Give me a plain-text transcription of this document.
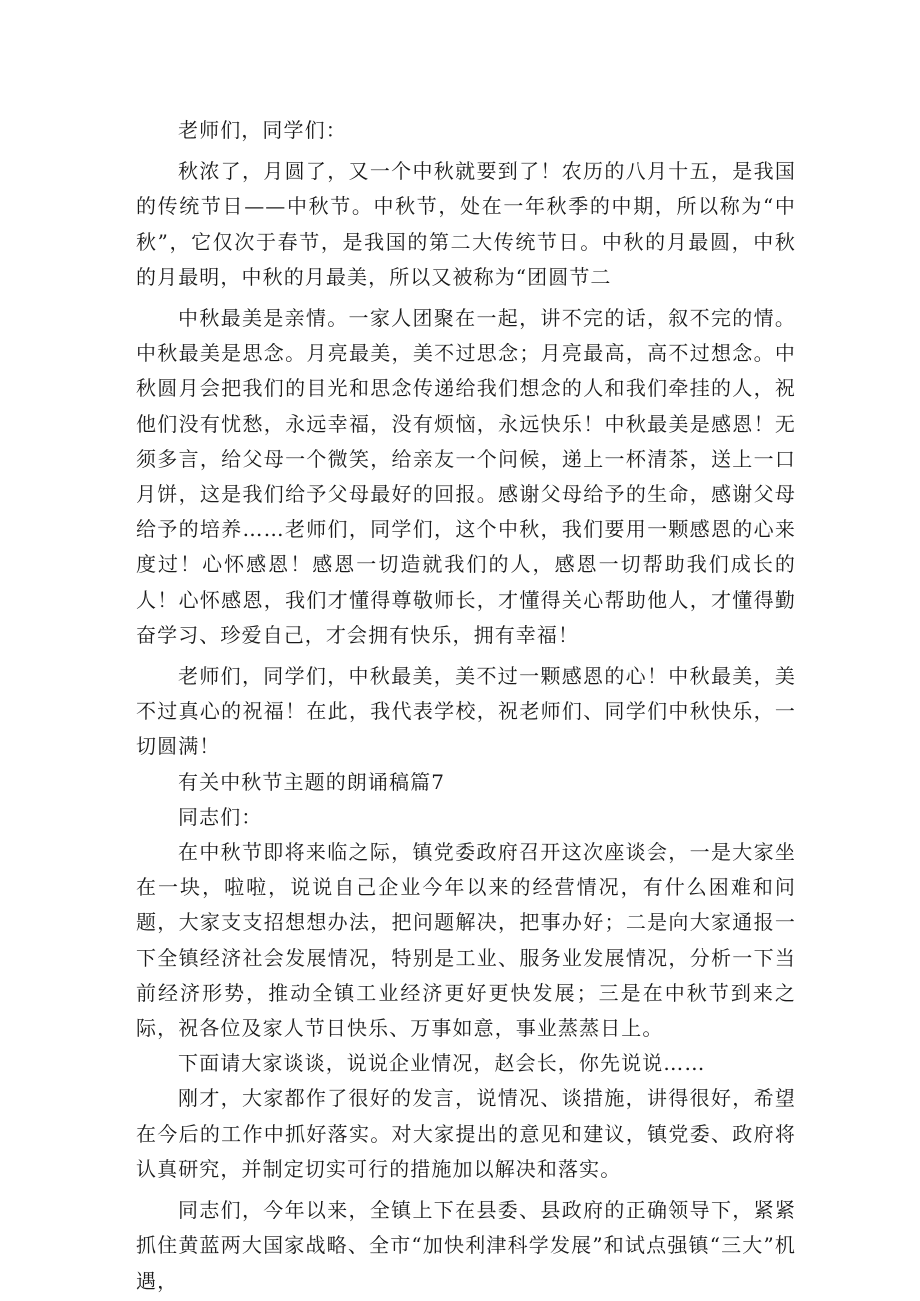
老师们，同学们：

秋浓了，月圆了，又一个中秋就要到了！农历的八月十五，是我国的传统节日——中秋节。中秋节，处在一年秋季的中期，所以称为“中秋”，它仅次于春节，是我国的第二大传统节日。中秋的月最圆，中秋的月最明，中秋的月最美，所以又被称为“团圆节二

中秋最美是亲情。一家人团聚在一起，讲不完的话，叙不完的情。中秋最美是思念。月亮最美，美不过思念；月亮最高，高不过想念。中秋圆月会把我们的目光和思念传递给我们想念的人和我们牵挂的人，祝他们没有忧愁，永远幸福，没有烦恼，永远快乐！中秋最美是感恩！无须多言，给父母一个微笑，给亲友一个问候，递上一杯清茶，送上一口月饼，这是我们给予父母最好的回报。感谢父母给予的生命，感谢父母给予的培养……老师们，同学们，这个中秋，我们要用一颗感恩的心来度过！心怀感恩！感恩一切造就我们的人，感恩一切帮助我们成长的人！心怀感恩，我们才懂得尊敬师长，才懂得关心帮助他人，才懂得勤奋学习、珍爱自己，才会拥有快乐，拥有幸福！

老师们，同学们，中秋最美，美不过一颗感恩的心！中秋最美，美不过真心的祝福！在此，我代表学校，祝老师们、同学们中秋快乐，一切圆满！

有关中秋节主题的朗诵稿篇7

同志们：

在中秋节即将来临之际，镇党委政府召开这次座谈会，一是大家坐在一块，啦啦，说说自己企业今年以来的经营情况，有什么困难和问题，大家支支招想想办法，把问题解决，把事办好；二是向大家通报一下全镇经济社会发展情况，特别是工业、服务业发展情况，分析一下当前经济形势，推动全镇工业经济更好更快发展；三是在中秋节到来之际，祝各位及家人节日快乐、万事如意，事业蒸蒸日上。

下面请大家谈谈，说说企业情况，赵会长，你先说说……

刚才，大家都作了很好的发言，说情况、谈措施，讲得很好，希望在今后的工作中抓好落实。对大家提出的意见和建议，镇党委、政府将认真研究，并制定切实可行的措施加以解决和落实。

同志们，今年以来，全镇上下在县委、县政府的正确领导下，紧紧抓住黄蓝两大国家战略、全市“加快利津科学发展”和试点强镇“三大”机遇，
